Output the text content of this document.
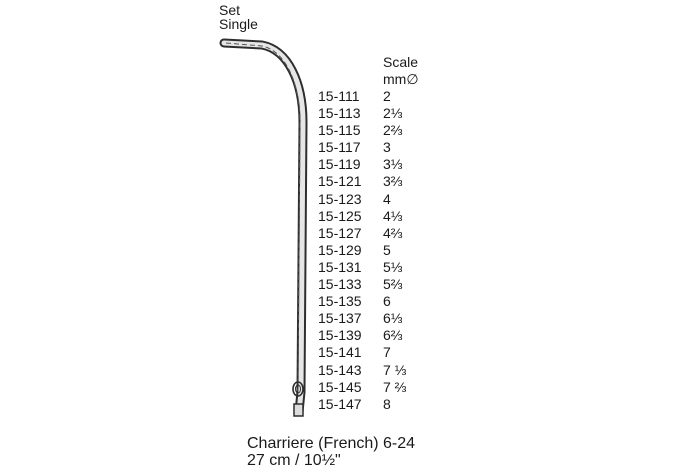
Set
Single
Scale
mm∅
15-111 2
15-113 2⅓
15-115 2⅔
15-117 3
15-119 3⅓
15-121 3⅔
15-123 4
15-125 4⅓
15-127 4⅔
15-129 5
15-131 5⅓
15-133 5⅔
15-135 6
15-137 6⅓
15-139 6⅔
15-141 7
15-143 7 ⅓
15-145 7 ⅔
15-147 8
Charriere (French) 6-24
27 cm / 10½"
